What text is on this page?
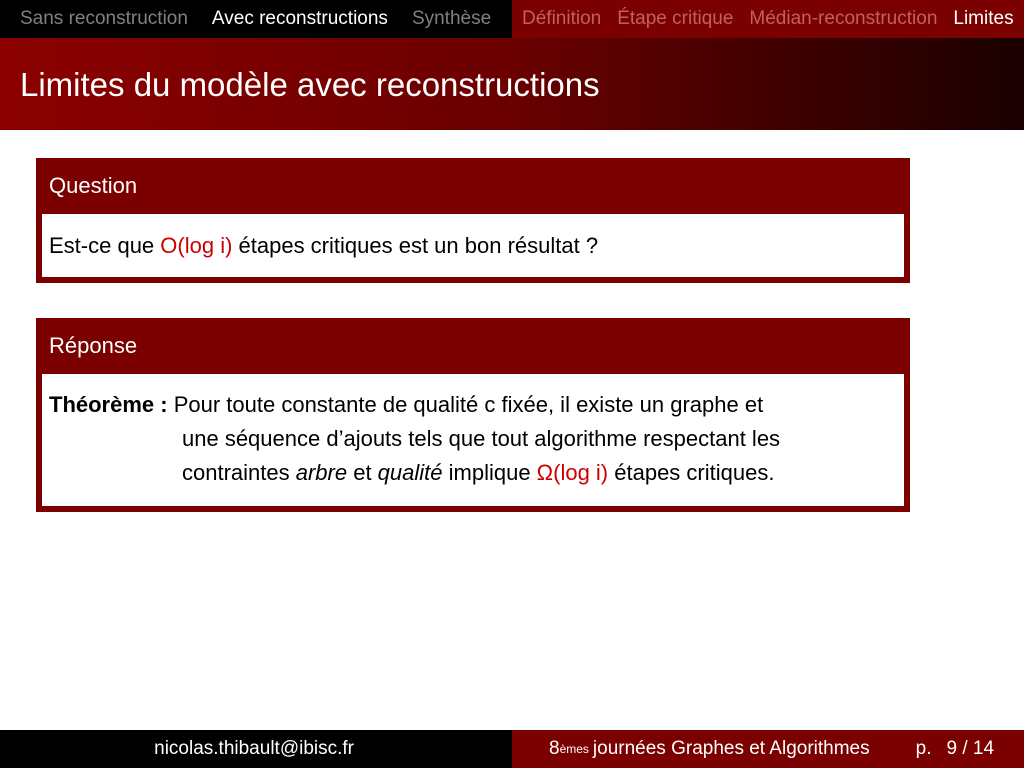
Sans reconstruction Avec reconstructions Synthèse Définition Étape critique Médian-reconstruction Limites
Limites du modèle avec reconstructions
Question
Est-ce que O(log i) étapes critiques est un bon résultat ?
Réponse
Théorème : Pour toute constante de qualité c fixée, il existe un graphe et
une séquence d’ajouts tels que tout algorithme respectant les
contraintes arbre et qualité implique Ω(log i) étapes critiques.
nicolas.thibault@ibisc.fr	8 èmes journées Graphes et Algorithmes p. 9 / 14
